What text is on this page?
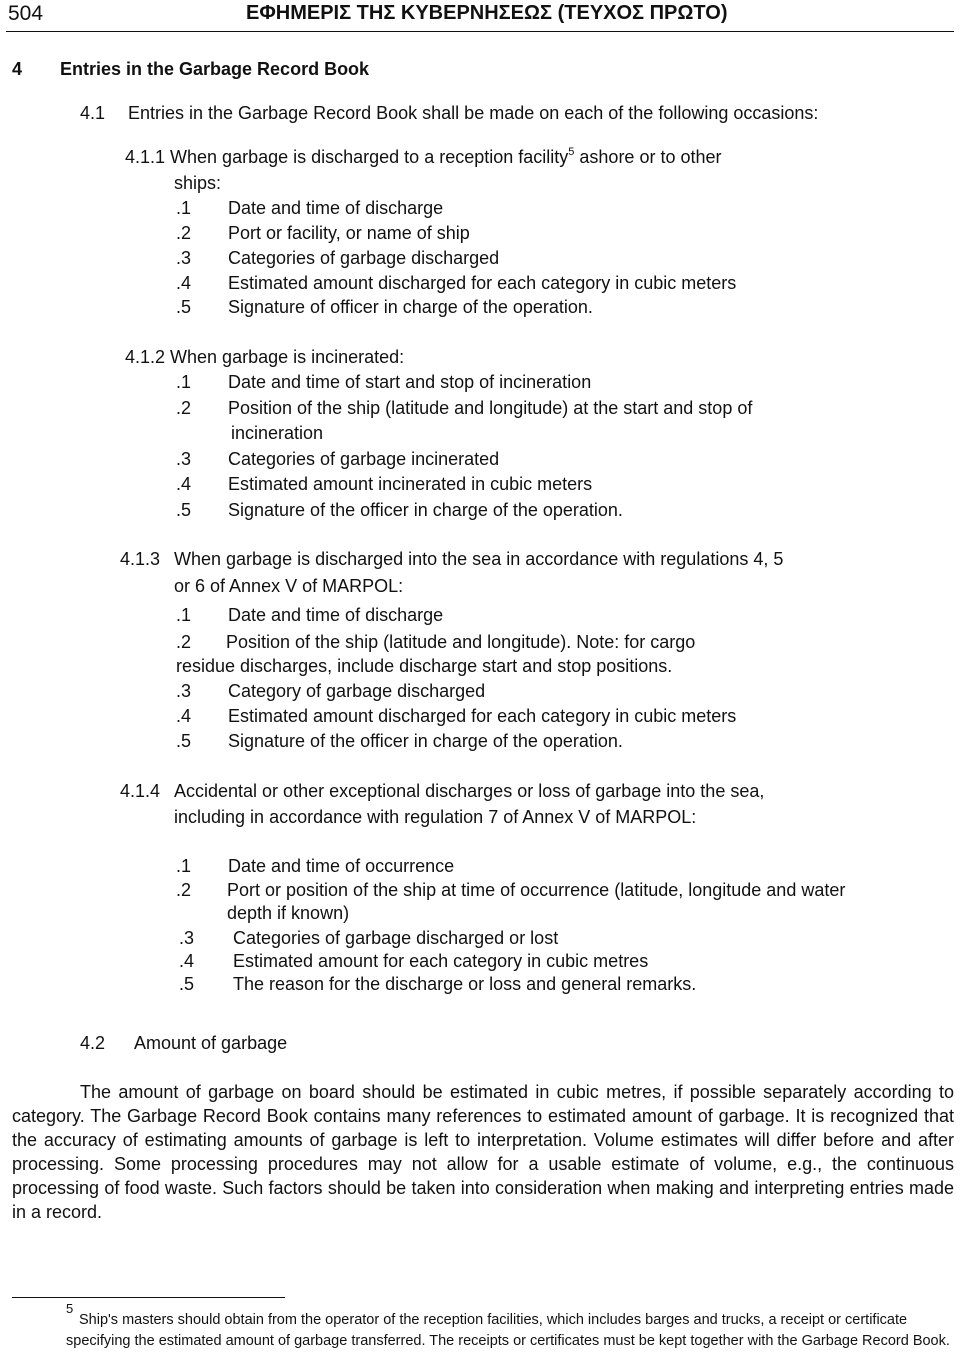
504	ΕΦΗΜΕΡΙΣ ΤΗΣ ΚΥΒΕΡΝΗΣΕΩΣ (ΤΕΥΧΟΣ ΠΡΩΤΟ)
4 Entries in the Garbage Record Book
4.1 Entries in the Garbage Record Book shall be made on each of the following occasions:
4.1.1 When garbage is discharged to a reception facility$^5$ ashore or to other
ships:
.1 Date and time of discharge
.2 Port or facility, or name of ship
.3 Categories of garbage discharged
.4 Estimated amount discharged for each category in cubic meters
.5 Signature of officer in charge of the operation.
4.1.2 When garbage is incinerated:
.1 Date and time of start and stop of incineration
.2 Position of the ship (latitude and longitude) at the start and stop of
incineration
.3 Categories of garbage incinerated
.4 Estimated amount incinerated in cubic meters
.5 Signature of the officer in charge of the operation.
4.1.3 When garbage is discharged into the sea in accordance with regulations 4, 5
or 6 of Annex V of MARPOL:
.1 Date and time of discharge
.2 Position of the ship (latitude and longitude). Note: for cargo
residue discharges, include discharge start and stop positions.
.3 Category of garbage discharged
.4 Estimated amount discharged for each category in cubic meters
.5 Signature of the officer in charge of the operation.
4.1.4 Accidental or other exceptional discharges or loss of garbage into the sea,
including in accordance with regulation 7 of Annex V of MARPOL:
.1 Date and time of occurrence
.2 Port or position of the ship at time of occurrence (latitude, longitude and water
depth if known)
.3 Categories of garbage discharged or lost
.4 Estimated amount for each category in cubic metres
.5 The reason for the discharge or loss and general remarks.
4.2 Amount of garbage
The amount of garbage on board should be estimated in cubic metres, if possible separately according to category. The Garbage Record Book contains many references to estimated amount of garbage. It is recognized that the accuracy of estimating amounts of garbage is left to interpretation. Volume estimates will differ before and after processing. Some processing procedures may not allow for a usable estimate of volume, e.g., the continuous processing of food waste. Such factors should be taken into consideration when making and interpreting entries made in a record.
5
Ship's masters should obtain from the operator of the reception facilities, which includes barges and trucks, a receipt or certificate specifying the estimated amount of garbage transferred. The receipts or certificates must be kept together with the Garbage Record Book.
